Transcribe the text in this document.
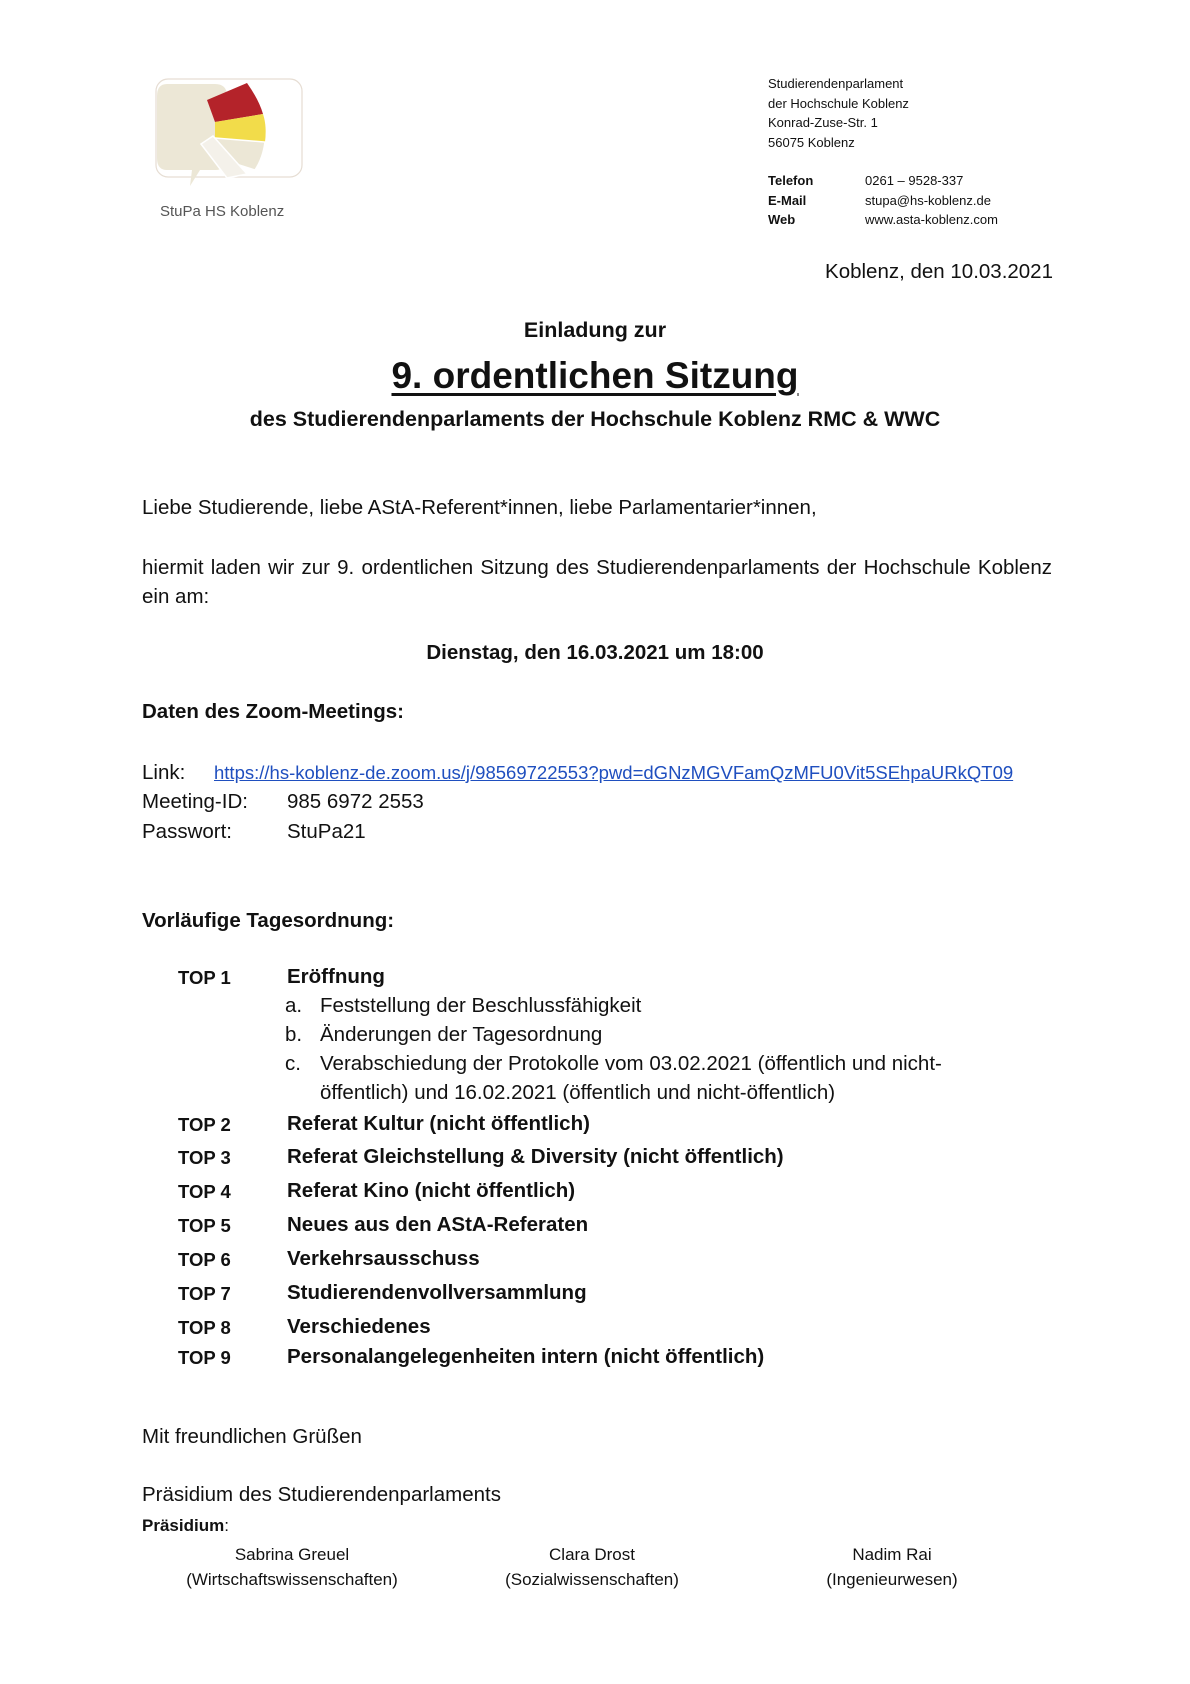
StuPa HS Koblenz
Studierendenparlament
der Hochschule Koblenz
Konrad-Zuse-Str. 1
56075 Koblenz
Telefon	0261 – 9528-337
E-Mail	stupa@hs-koblenz.de
Web	www.asta-koblenz.com
Koblenz, den 10.03.2021
Einladung zur
9. ordentlichen Sitzung
des Studierendenparlaments der Hochschule Koblenz RMC & WWC
Liebe Studierende, liebe AStA-Referent*innen, liebe Parlamentarier*innen,
hiermit laden wir zur 9. ordentlichen Sitzung des Studierendenparlaments der Hochschule Koblenz ein am:
Dienstag, den 16.03.2021 um 18:00
Daten des Zoom-Meetings:
Link: https://hs-koblenz-de.zoom.us/j/98569722553?pwd=dGNzMGVFamQzMFU0Vit5SEhpaURkQT09
Meeting-ID: 985 6972 2553
Passwort:	StuPa21
Vorläufige Tagesordnung:
TOP 1	Eröffnung
a. Feststellung der Beschlussfähigkeit
b. Änderungen der Tagesordnung
c. Verabschiedung der Protokolle vom 03.02.2021 (öffentlich und nicht-
öffentlich) und 16.02.2021 (öffentlich und nicht-öffentlich)
TOP 2	Referat Kultur (nicht öffentlich)
TOP 3	Referat Gleichstellung & Diversity (nicht öffentlich)
TOP 4	Referat Kino (nicht öffentlich)
TOP 5	Neues aus den AStA-Referaten
TOP 6	Verkehrsausschuss
TOP 7	Studierendenvollversammlung
TOP 8	Verschiedenes
TOP 9	Personalangelegenheiten intern (nicht öffentlich)
Mit freundlichen Grüßen
Präsidium des Studierendenparlaments
Präsidium:
Sabrina Greuel
(Wirtschaftswissenschaften)
Clara Drost
(Sozialwissenschaften)
Nadim Rai
(Ingenieurwesen)
